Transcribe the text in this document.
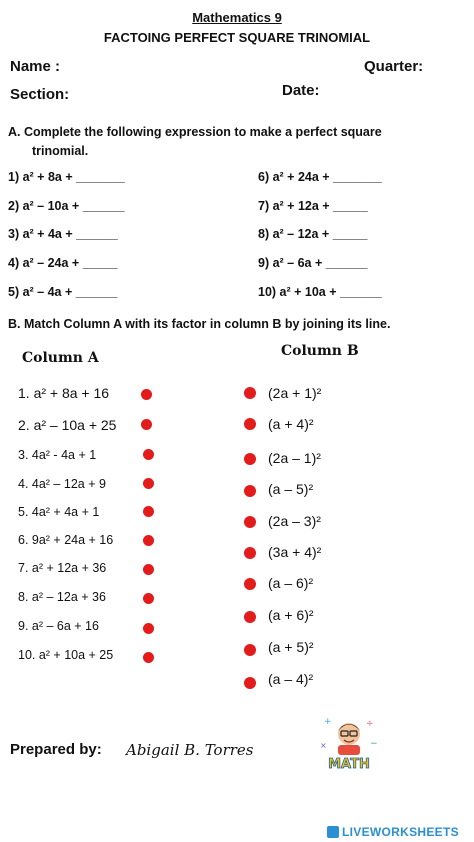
Mathematics 9
FACTOING PERFECT SQUARE TRINOMIAL
Name :	Quarter:
Section:	Date:
A. Complete the following expression to make a perfect square
trinomial.
1) a² + 8a + _______
2) a² – 10a + ______
3) a² + 4a + ______
4) a² – 24a + _____
5) a² – 4a + ______
6) a² + 24a + _______
7) a² + 12a + _____
8) a² – 12a + _____
9) a² – 6a + ______
10) a² + 10a + ______
B. Match Column A with its factor in column B by joining its line.
Column A	Column B
1. a² + 8a + 16
2. a² – 10a + 25
3. 4a² - 4a + 1
4. 4a² – 12a + 9
5. 4a² + 4a + 1
6. 9a² + 24a + 16
7. a² + 12a + 36
8. a² – 12a + 36
9. a² – 6a + 16
10. a² + 10a + 25
(2a + 1)²
(a + 4)²
(2a – 1)²
(a – 5)²
(2a – 3)²
(3a + 4)²
(a – 6)²
(a + 6)²
(a + 5)²
(a – 4)²
Prepared by: Abigail B. Torres
+	÷
×	−
MATH
LIVEWORKSHEETS
